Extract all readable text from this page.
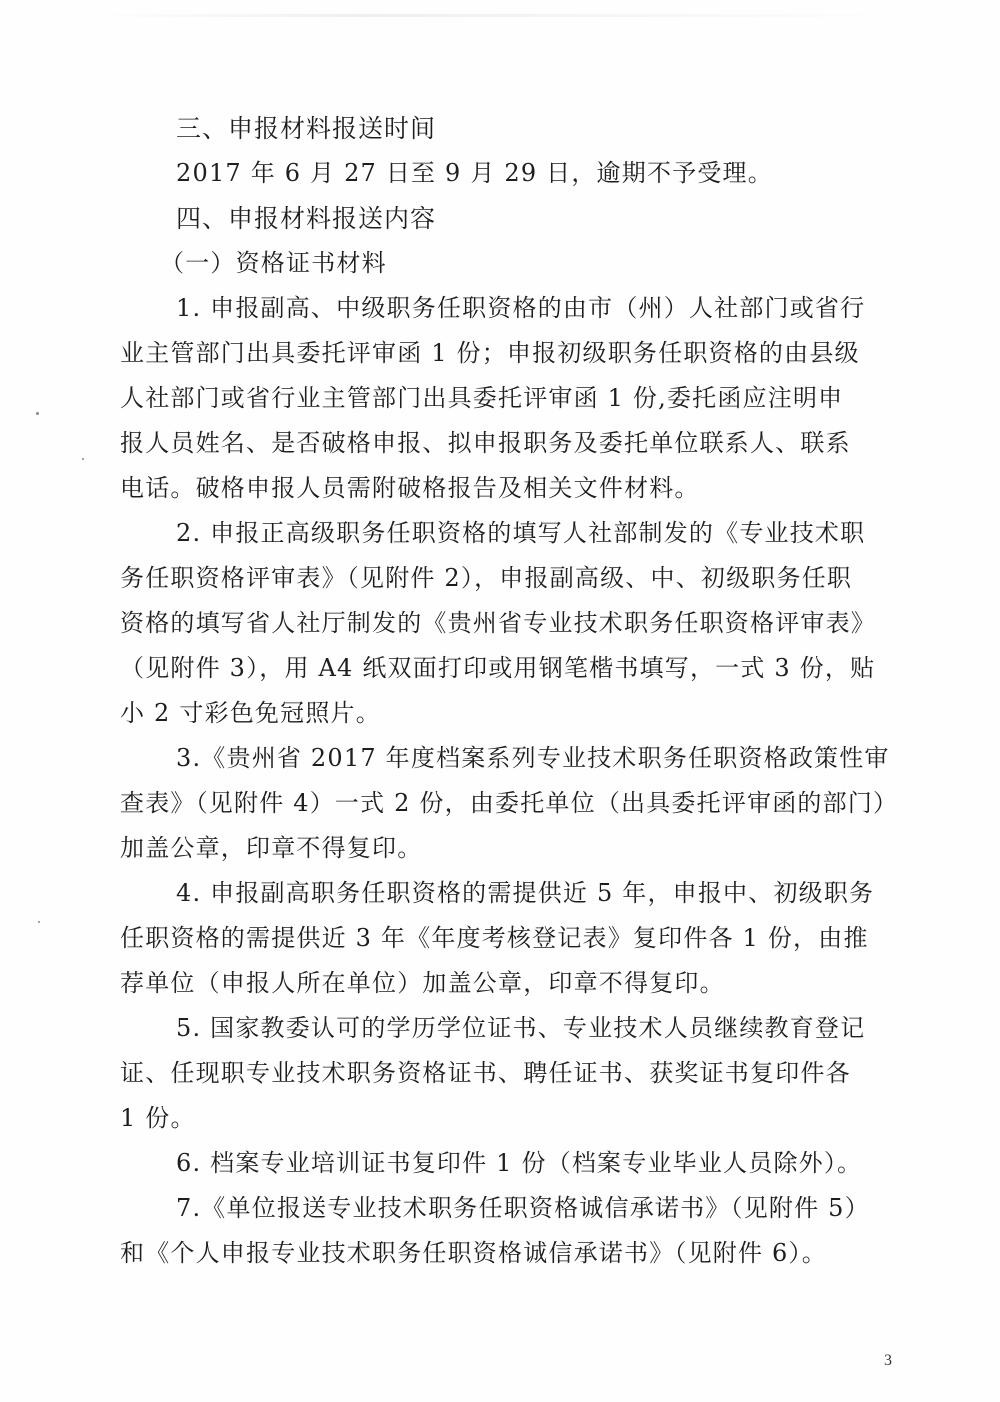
三、申报材料报送时间
2017 年 6 月 27 日至 9 月 29 日，逾期不予受理。
四、申报材料报送内容
（一）资格证书材料
1. 申报副高、中级职务任职资格的由市（州）人社部门或省行
业主管部门出具委托评审函 1 份；申报初级职务任职资格的由县级
人社部门或省行业主管部门出具委托评审函 1 份,委托函应注明申
报人员姓名、是否破格申报、拟申报职务及委托单位联系人、联系
电话。破格申报人员需附破格报告及相关文件材料。
2. 申报正高级职务任职资格的填写人社部制发的《专业技术职
务任职资格评审表》（见附件 2），申报副高级、中、初级职务任职
资格的填写省人社厅制发的《贵州省专业技术职务任职资格评审表》
（见附件 3），用 A4 纸双面打印或用钢笔楷书填写，一式 3 份，贴
小 2 寸彩色免冠照片。
3.《贵州省 2017 年度档案系列专业技术职务任职资格政策性审
查表》（见附件 4）一式 2 份，由委托单位（出具委托评审函的部门）
加盖公章，印章不得复印。
4. 申报副高职务任职资格的需提供近 5 年，申报中、初级职务
任职资格的需提供近 3 年《年度考核登记表》复印件各 1 份，由推
荐单位（申报人所在单位）加盖公章，印章不得复印。
5. 国家教委认可的学历学位证书、专业技术人员继续教育登记
证、任现职专业技术职务资格证书、聘任证书、获奖证书复印件各
1 份。
6. 档案专业培训证书复印件 1 份（档案专业毕业人员除外）。
7.《单位报送专业技术职务任职资格诚信承诺书》（见附件 5）
和《个人申报专业技术职务任职资格诚信承诺书》（见附件 6）。
3
